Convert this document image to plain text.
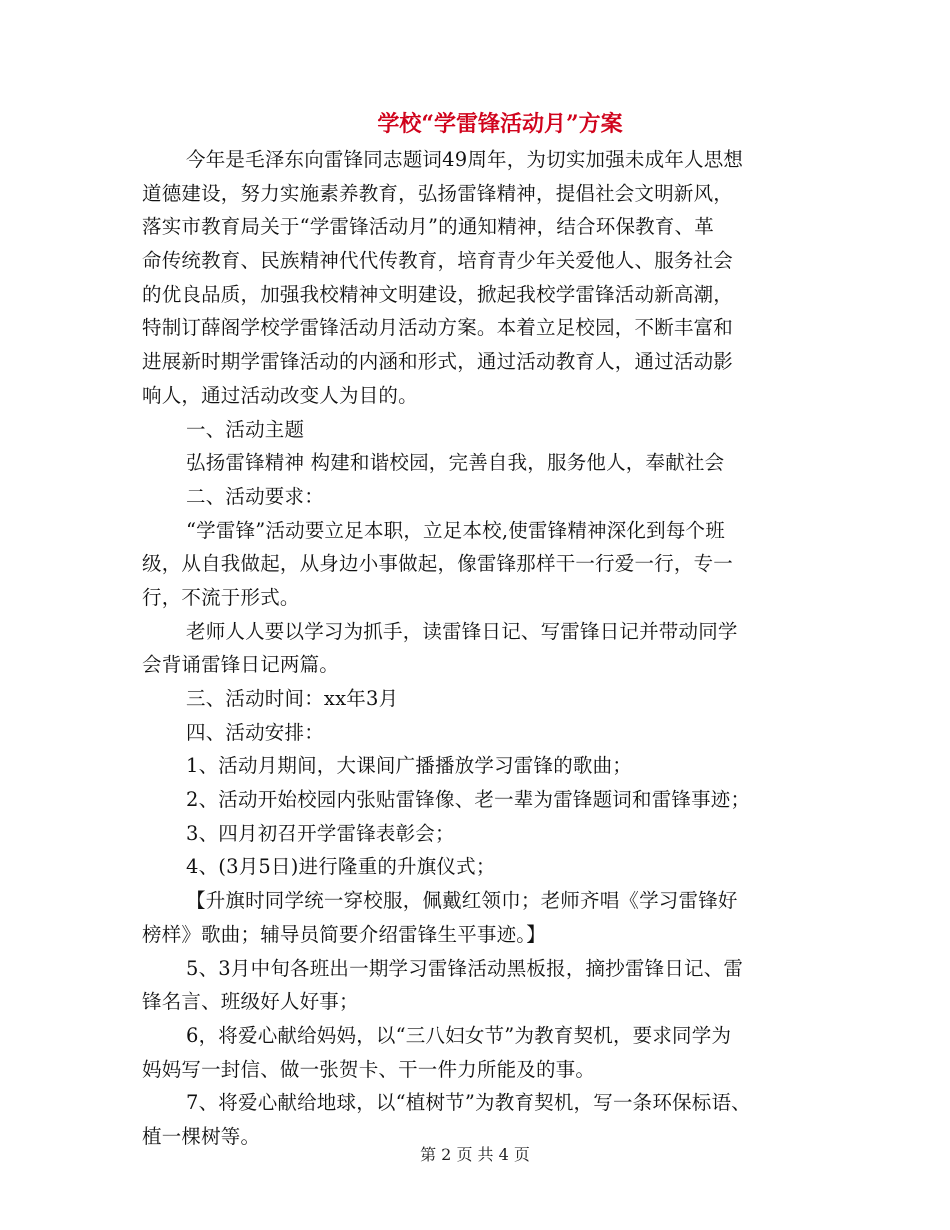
学校“学雷锋活动月”方案
今年是毛泽东向雷锋同志题词49周年，为切实加强未成年人思想
道德建设，努力实施素养教育，弘扬雷锋精神，提倡社会文明新风，
落实市教育局关于“学雷锋活动月”的通知精神，结合环保教育、革
命传统教育、民族精神代代传教育，培育青少年关爱他人、服务社会
的优良品质，加强我校精神文明建设，掀起我校学雷锋活动新高潮，
特制订薛阁学校学雷锋活动月活动方案。本着立足校园，不断丰富和
进展新时期学雷锋活动的内涵和形式，通过活动教育人，通过活动影
响人，通过活动改变人为目的。
一、活动主题
弘扬雷锋精神 构建和谐校园，完善自我，服务他人，奉献社会
二、活动要求：
“学雷锋”活动要立足本职，立足本校,使雷锋精神深化到每个班
级，从自我做起，从身边小事做起，像雷锋那样干一行爱一行，专一
行，不流于形式。
老师人人要以学习为抓手，读雷锋日记、写雷锋日记并带动同学
会背诵雷锋日记两篇。
三、活动时间：xx年3月
四、活动安排：
1、活动月期间，大课间广播播放学习雷锋的歌曲；
2、活动开始校园内张贴雷锋像、老一辈为雷锋题词和雷锋事迹；
3、四月初召开学雷锋表彰会；
4、(3月5日)进行隆重的升旗仪式；
【升旗时同学统一穿校服，佩戴红领巾；老师齐唱《学习雷锋好
榜样》歌曲；辅导员简要介绍雷锋生平事迹。】
5、3月中旬各班出一期学习雷锋活动黑板报，摘抄雷锋日记、雷
锋名言、班级好人好事；
6，将爱心献给妈妈，以“三八妇女节”为教育契机，要求同学为
妈妈写一封信、做一张贺卡、干一件力所能及的事。
7、将爱心献给地球，以“植树节”为教育契机，写一条环保标语、
植一棵树等。
第 2 页 共 4 页
